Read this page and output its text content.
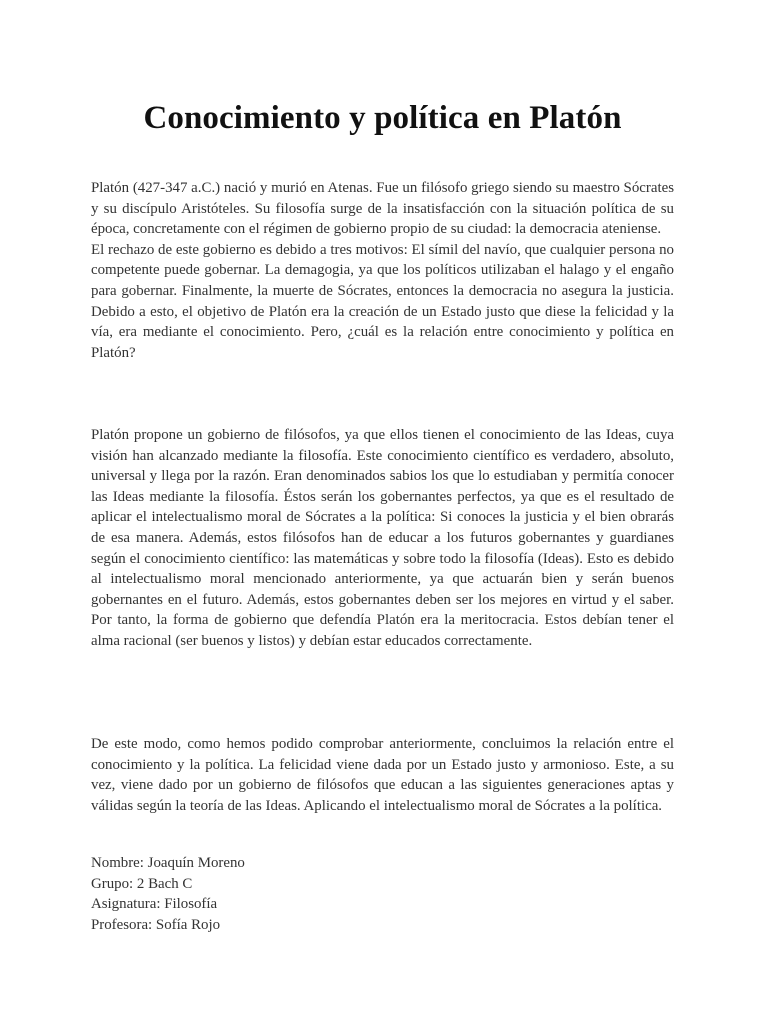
Conocimiento y política en Platón

Platón (427-347 a.C.) nació y murió en Atenas. Fue un filósofo griego siendo su maestro Sócrates y su discípulo Aristóteles. Su filosofía surge de la insatisfacción con la situación política de su época, concretamente con el régimen de gobierno propio de su ciudad: la democracia ateniense.

El rechazo de este gobierno es debido a tres motivos: El símil del navío, que cualquier persona no competente puede gobernar. La demagogia, ya que los políticos utilizaban el halago y el engaño para gobernar. Finalmente, la muerte de Sócrates, entonces la democracia no asegura la justicia. Debido a esto, el objetivo de Platón era la creación de un Estado justo que diese la felicidad y la vía, era mediante el conocimiento. Pero, ¿cuál es la relación entre conocimiento y política en Platón?

Platón propone un gobierno de filósofos, ya que ellos tienen el conocimiento de las Ideas, cuya visión han alcanzado mediante la filosofía. Este conocimiento científico es verdadero, absoluto, universal y llega por la razón. Eran denominados sabios los que lo estudiaban y permitía conocer las Ideas mediante la filosofía. Éstos serán los gobernantes perfectos, ya que es el resultado de aplicar el intelectualismo moral de Sócrates a la política: Si conoces la justicia y el bien obrarás de esa manera. Además, estos filósofos han de educar a los futuros gobernantes y guardianes según el conocimiento científico: las matemáticas y sobre todo la filosofía (Ideas). Esto es debido al intelectualismo moral mencionado anteriormente, ya que actuarán bien y serán buenos gobernantes en el futuro. Además, estos gobernantes deben ser los mejores en virtud y el saber. Por tanto, la forma de gobierno que defendía Platón era la meritocracia. Estos debían tener el alma racional (ser buenos y listos) y debían estar educados correctamente.

De este modo, como hemos podido comprobar anteriormente, concluimos la relación entre el conocimiento y la política. La felicidad viene dada por un Estado justo y armonioso. Este, a su vez, viene dado por un gobierno de filósofos que educan a las siguientes generaciones aptas y válidas según la teoría de las Ideas. Aplicando el intelectualismo moral de Sócrates a la política.

Nombre: Joaquín Moreno
Grupo: 2 Bach C
Asignatura: Filosofía
Profesora: Sofía Rojo
